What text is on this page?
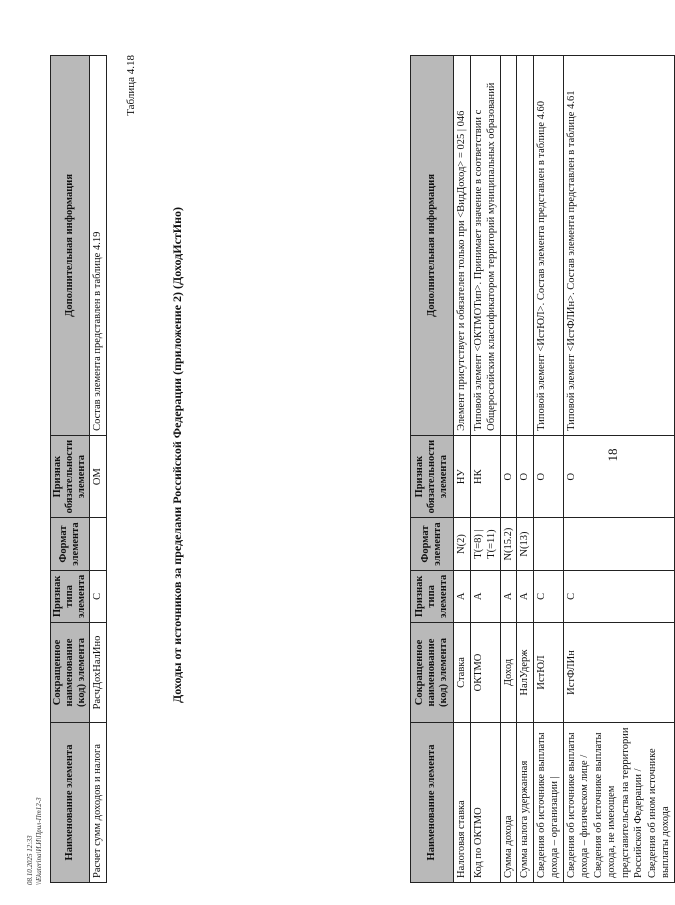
08.10.2025 12:33 \\Ekaterina\И.И\Прил-Пт12-3 Наименование элемента	Сокращенное наименование (код) элемента	Признак типа элемента	Формат элемента	Признак обязательности элемента	Дополнительная информация
Расчет сумм доходов и налога	РасчДохНалИно	С		ОМ	Состав элемента представлен в таблице 4.19	Доходы от источников за пределами Российской Федерации (приложение 2) (ДоходИстИно)
Таблица 4.18
Наименование элемента	Сокращенное наименование (код) элемента	Признак типа элемента	Формат элемента	Признак обязательности элемента	Дополнительная информация
Налоговая ставка	Ставка	А	N(2)	НУ	Элемент присутствует и обязателен только при <ВидДоход> = 025 | 046
Код по ОКТМО	ОКТМО	А	T(=8) | T(=11)	НК	Типовой элемент <ОКТМОТип>. Принимает значение в соответствии с Общероссийским классификатором территорий муниципальных образований
Сумма дохода	Доход	А	N(15.2)	О	
Сумма налога удержанная	НалУдерж	А	N(13)	О	
Сведения об источнике выплаты дохода – организации |	ИстЮЛ	С		О	Типовой элемент <ИстЮЛ>. Состав элемента представлен в таблице 4.60
Сведения об источнике выплаты дохода – физическом лице / Сведения об источнике выплаты дохода, не имеющем представительства на территории Российской Федерации / Сведения об ином источнике выплаты дохода	ИстФЛИн	С		О	Типовой элемент <ИстФЛИн>. Состав элемента представлен в таблице 4.61
18
